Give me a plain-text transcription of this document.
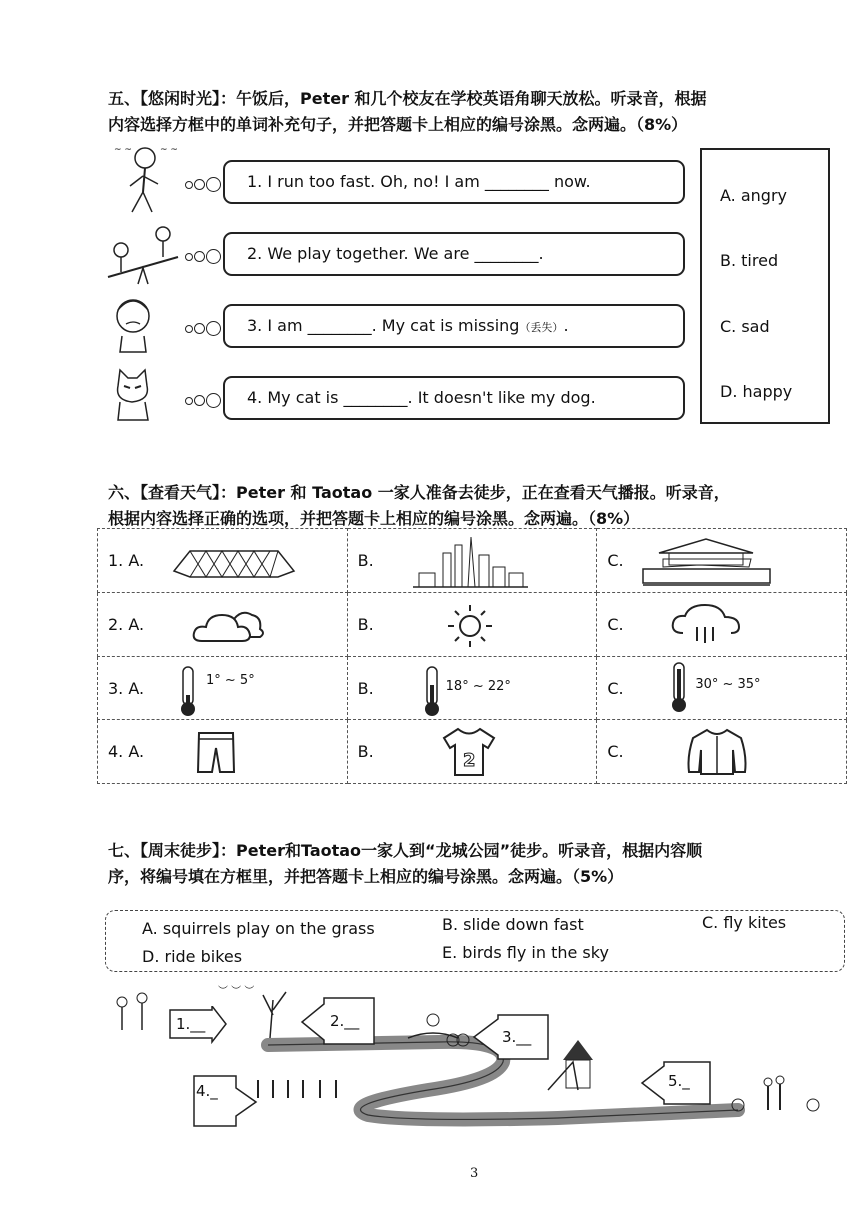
五、【悠闲时光】：午饭后，Peter 和几个校友在学校英语角聊天放松。听录音，根据
内容选择方框中的单词补充句子，并把答题卡上相应的编号涂黑。念两遍。（8%）
~ ~	~ ~
1. I run too fast. Oh, no! I am ________ now.
2. We play together. We are ________.
3. I am ________. My cat is missing（丢失）.
4. My cat is ________. It doesn't like my dog.
A. angry
B. tired
C. sad
D. happy
六、【查看天气】：Peter 和 Taotao 一家人准备去徒步，正在查看天气播报。听录音，
根据内容选择正确的选项，并把答题卡上相应的编号涂黑。念两遍。（8%）
1. A.	B.	C.

2. A.	B.	C.

3. A. 1° ~ 5°	B. 18° ~ 22°	C. 30° ~ 35°

4. A.	B. 2	C.
七、【周末徒步】：Peter和Taotao一家人到“龙城公园”徒步。听录音，根据内容顺
序，将编号填在方框里，并把答题卡上相应的编号涂黑。念两遍。（5%）
A. squirrels play on the grass	B. slide down fast	C. fly kites
D. ride bikes	E. birds fly in the sky
︶ ︶ ︶
1.__	2.__
3.__
4._
5._
3
